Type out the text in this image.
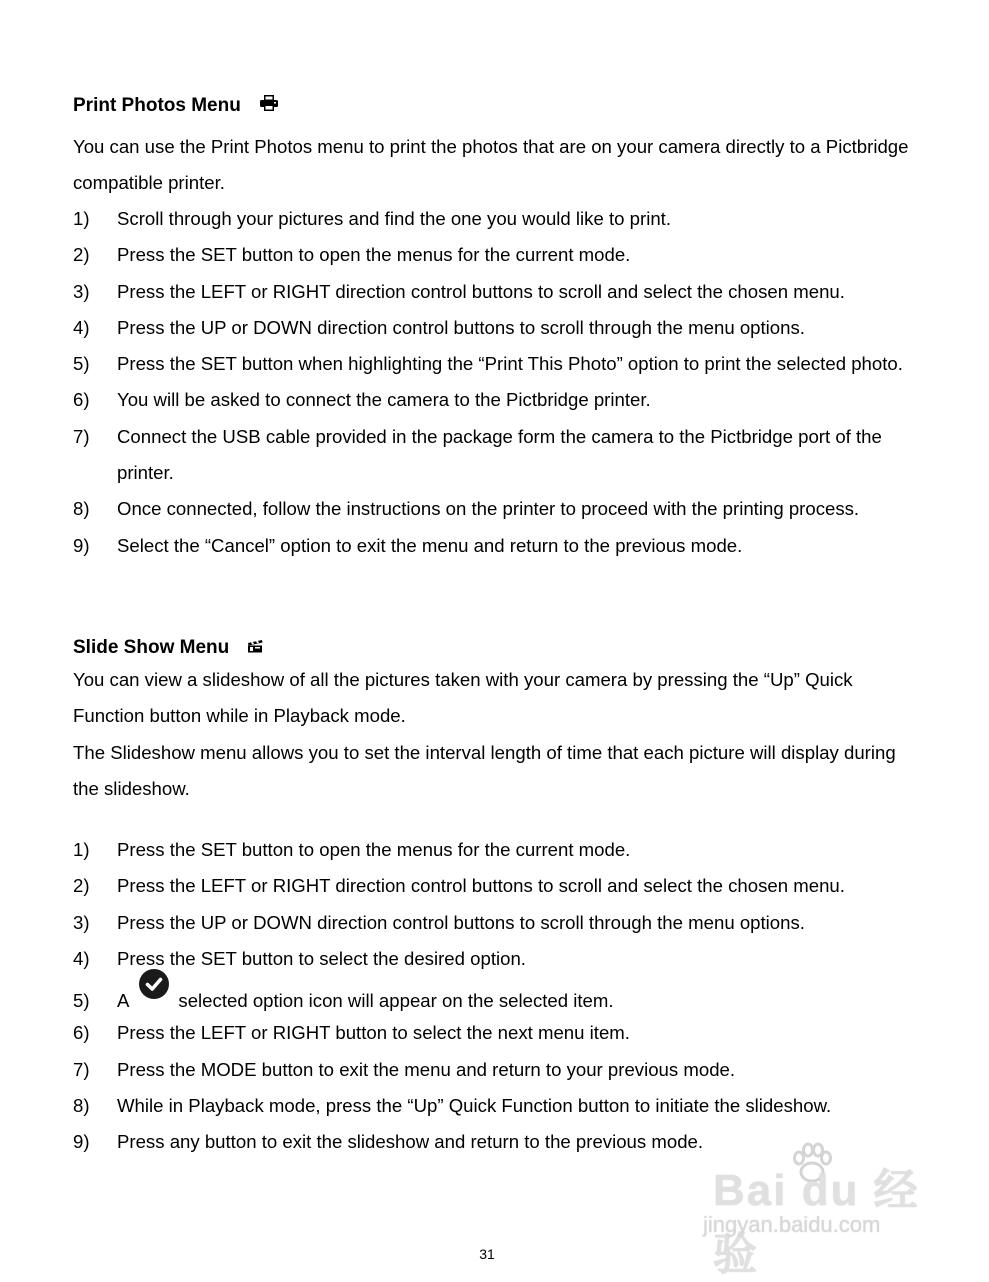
Print Photos Menu
You can use the Print Photos menu to print the photos that are on your camera directly to a Pictbridge compatible printer.
1)	Scroll through your pictures and find the one you would like to print.
2)	Press the SET button to open the menus for the current mode.
3)	Press the LEFT or RIGHT direction control buttons to scroll and select the chosen menu.
4)	Press the UP or DOWN direction control buttons to scroll through the menu options.
5)	Press the SET button when highlighting the “Print This Photo” option to print the selected photo.
6)	You will be asked to connect the camera to the Pictbridge printer.
7)	Connect the USB cable provided in the package form the camera to the Pictbridge port of the printer.
8)	Once connected, follow the instructions on the printer to proceed with the printing process.
9)	Select the “Cancel” option to exit the menu and return to the previous mode.
Slide Show Menu
You can view a slideshow of all the pictures taken with your camera by pressing the “Up” Quick Function button while in Playback mode.
The Slideshow menu allows you to set the interval length of time that each picture will display during the slideshow.
1)	Press the SET button to open the menus for the current mode.
2)	Press the LEFT or RIGHT direction control buttons to scroll and select the chosen menu.
3)	Press the UP or DOWN direction control buttons to scroll through the menu options.
4)	Press the SET button to select the desired option.
5)	A	selected option icon will appear on the selected item.
6)	Press the LEFT or RIGHT button to select the next menu item.
7)	Press the MODE button to exit the menu and return to your previous mode.
8)	While in Playback mode, press the “Up” Quick Function button to initiate the slideshow.
9)	Press any button to exit the slideshow and return to the previous mode.
Bai du 经验
jingyan.baidu.com
31
